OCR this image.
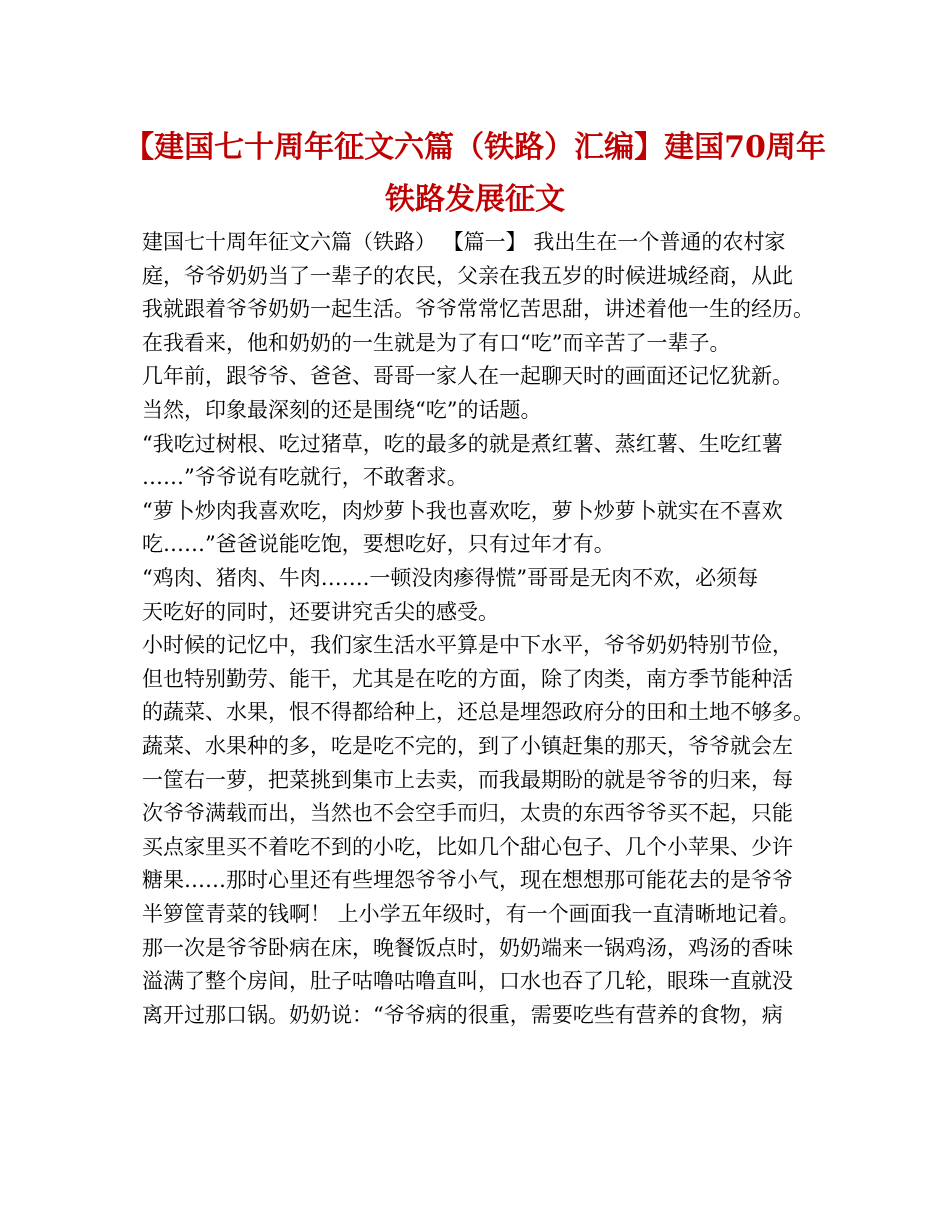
【建国七十周年征文六篇（铁路）汇编】建国70周年
铁路发展征文
建国七十周年征文六篇（铁路） 【篇一】 我出生在一个普通的农村家
庭，爷爷奶奶当了一辈子的农民，父亲在我五岁的时候进城经商，从此
我就跟着爷爷奶奶一起生活。爷爷常常忆苦思甜，讲述着他一生的经历。
在我看来，他和奶奶的一生就是为了有口“吃”而辛苦了一辈子。
几年前，跟爷爷、爸爸、哥哥一家人在一起聊天时的画面还记忆犹新。
当然，印象最深刻的还是围绕“吃”的话题。
“我吃过树根、吃过猪草，吃的最多的就是煮红薯、蒸红薯、生吃红薯
……”爷爷说有吃就行，不敢奢求。
“萝卜炒肉我喜欢吃，肉炒萝卜我也喜欢吃，萝卜炒萝卜就实在不喜欢
吃……”爸爸说能吃饱，要想吃好，只有过年才有。
“鸡肉、猪肉、牛肉…….一顿没肉瘆得慌”哥哥是无肉不欢，必须每
天吃好的同时，还要讲究舌尖的感受。
小时候的记忆中，我们家生活水平算是中下水平，爷爷奶奶特别节俭，
但也特别勤劳、能干，尤其是在吃的方面，除了肉类，南方季节能种活
的蔬菜、水果，恨不得都给种上，还总是埋怨政府分的田和土地不够多。
蔬菜、水果种的多，吃是吃不完的，到了小镇赶集的那天，爷爷就会左
一筐右一萝，把菜挑到集市上去卖，而我最期盼的就是爷爷的归来，每
次爷爷满载而出，当然也不会空手而归，太贵的东西爷爷买不起，只能
买点家里买不着吃不到的小吃，比如几个甜心包子、几个小苹果、少许
糖果……那时心里还有些埋怨爷爷小气，现在想想那可能花去的是爷爷
半箩筐青菜的钱啊！ 上小学五年级时，有一个画面我一直清晰地记着。
那一次是爷爷卧病在床，晚餐饭点时，奶奶端来一锅鸡汤，鸡汤的香味
溢满了整个房间，肚子咕噜咕噜直叫，口水也吞了几轮，眼珠一直就没
离开过那口锅。奶奶说：“爷爷病的很重，需要吃些有营养的食物，病
